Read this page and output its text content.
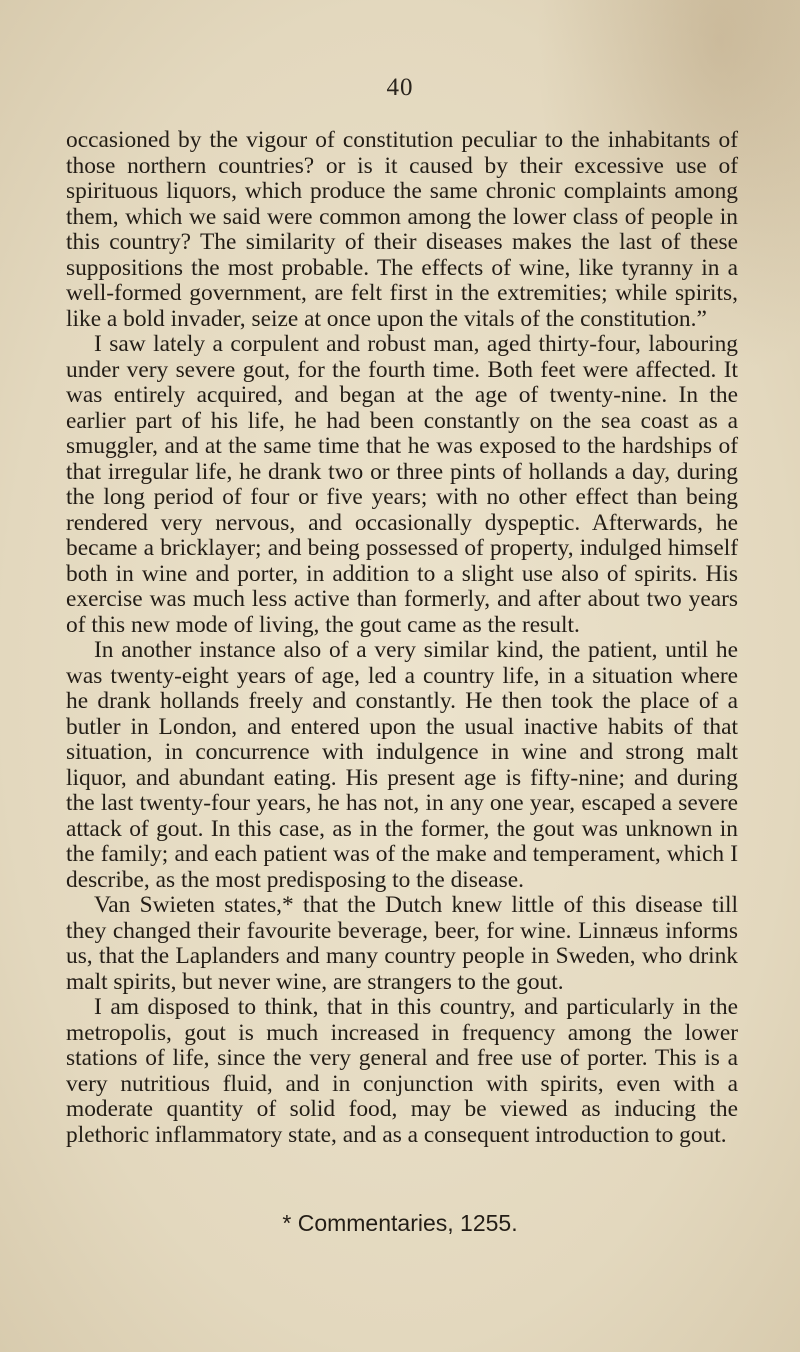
40

occasioned by the vigour of constitution peculiar to the inhabitants of those northern countries? or is it caused by their excessive use of spirituous liquors, which produce the same chronic complaints among them, which we said were common among the lower class of people in this country? The similarity of their diseases makes the last of these suppositions the most probable. The effects of wine, like tyranny in a well-formed government, are felt first in the extremities; while spirits, like a bold invader, seize at once upon the vitals of the constitution.”

I saw lately a corpulent and robust man, aged thirty-four, labouring under very severe gout, for the fourth time. Both feet were affected. It was entirely acquired, and began at the age of twenty-nine. In the earlier part of his life, he had been constantly on the sea coast as a smuggler, and at the same time that he was exposed to the hardships of that irregular life, he drank two or three pints of hollands a day, during the long period of four or five years; with no other effect than being rendered very nervous, and occasionally dyspeptic. Afterwards, he became a bricklayer; and being possessed of property, indulged himself both in wine and porter, in addition to a slight use also of spirits. His exercise was much less active than formerly, and after about two years of this new mode of living, the gout came as the result.

In another instance also of a very similar kind, the patient, until he was twenty-eight years of age, led a country life, in a situation where he drank hollands freely and constantly. He then took the place of a butler in London, and entered upon the usual inactive habits of that situation, in concurrence with indulgence in wine and strong malt liquor, and abundant eating. His present age is fifty-nine; and during the last twenty-four years, he has not, in any one year, escaped a severe attack of gout. In this case, as in the former, the gout was unknown in the family; and each patient was of the make and temperament, which I describe, as the most predisposing to the disease.

Van Swieten states,* that the Dutch knew little of this disease till they changed their favourite beverage, beer, for wine. Linnæus informs us, that the Laplanders and many country people in Sweden, who drink malt spirits, but never wine, are strangers to the gout.

I am disposed to think, that in this country, and particularly in the metropolis, gout is much increased in frequency among the lower stations of life, since the very general and free use of porter. This is a very nutritious fluid, and in conjunction with spirits, even with a moderate quantity of solid food, may be viewed as inducing the plethoric inflammatory state, and as a consequent introduction to gout.

* Commentaries, 1255.
